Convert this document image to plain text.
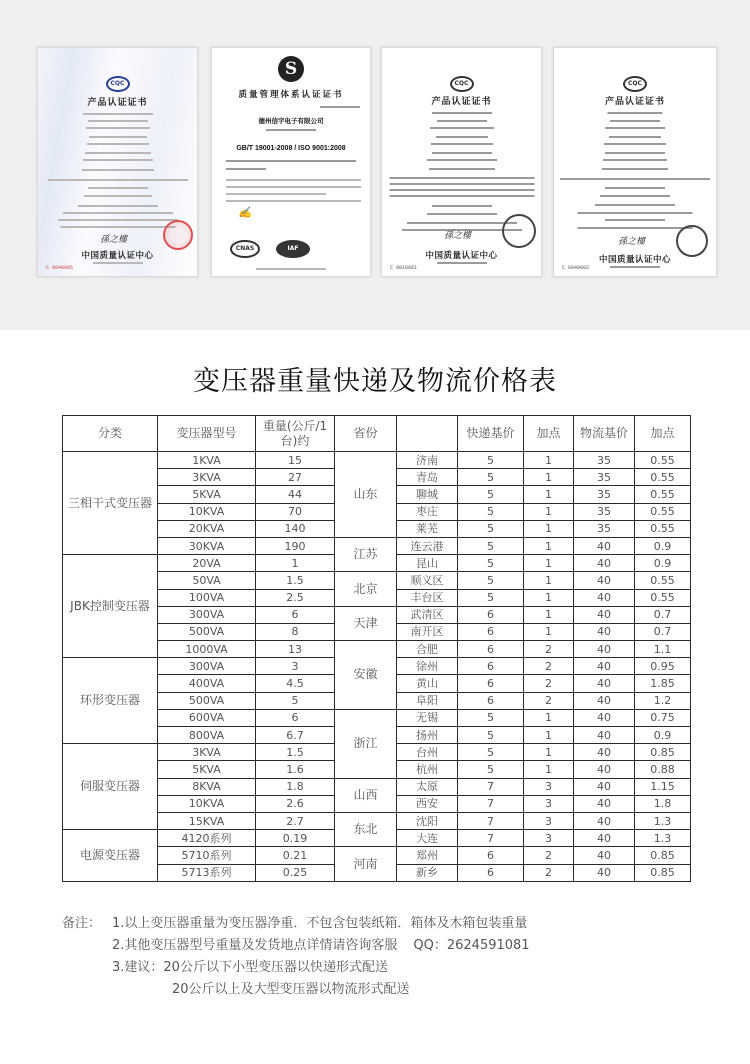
CQC
产品认证证书
孫之樓
中国质量认证中心
C 0046995
S
质量管理体系认证证书
德州信宇电子有限公司
GB/T 19001-2008 / ISO 9001:2008
✍
CNAS	IAF
CQC
产品认证证书
孫之樓
中国质量认证中心
C 0018881
CQC
产品认证证书
孫之樓
中国质量认证中心
C 0048002
变压器重量快递及物流价格表
分类	变压器型号	重量(公斤/1台)约	省份		快递基价	加点	物流基价	加点
三相干式变压器	1KVA	15	山东	济南	5	1	35	0.55
	3KVA	27		青岛	5	1	35	0.55
	5KVA	44		聊城	5	1	35	0.55
	10KVA	70		枣庄	5	1	35	0.55
	20KVA	140		莱芜	5	1	35	0.55
	30KVA	190	江苏	连云港	5	1	40	0.9
JBK控制变压器	20VA	1		昆山	5	1	40	0.9
	50VA	1.5	北京	顺义区	5	1	40	0.55
	100VA	2.5		丰台区	5	1	40	0.55
	300VA	6	天津	武清区	6	1	40	0.7
	500VA	8		南开区	6	1	40	0.7
	1000VA	13	安徽	合肥	6	2	40	1.1
环形变压器	300VA	3		徐州	6	2	40	0.95
	400VA	4.5		黄山	6	2	40	1.85
	500VA	5		阜阳	6	2	40	1.2
	600VA	6	浙江	无锡	5	1	40	0.75
	800VA	6.7		扬州	5	1	40	0.9
伺服变压器	3KVA	1.5		台州	5	1	40	0.85
	5KVA	1.6		杭州	5	1	40	0.88
	8KVA	1.8	山西	太原	7	3	40	1.15
	10KVA	2.6		西安	7	3	40	1.8
	15KVA	2.7	东北	沈阳	7	3	40	1.3
电源变压器	4120系列	0.19		大连	7	3	40	1.3
	5710系列	0.21	河南	郑州	6	2	40	0.85
	5713系列	0.25		新乡	6	2	40	0.85
备注： 1.以上变压器重量为变压器净重．不包含包装纸箱．箱体及木箱包装重量
2.其他变压器型号重量及发货地点详情请咨询客服 QQ：2624591081
3.建议：20公斤以下小型变压器以快递形式配送
20公斤以上及大型变压器以物流形式配送
